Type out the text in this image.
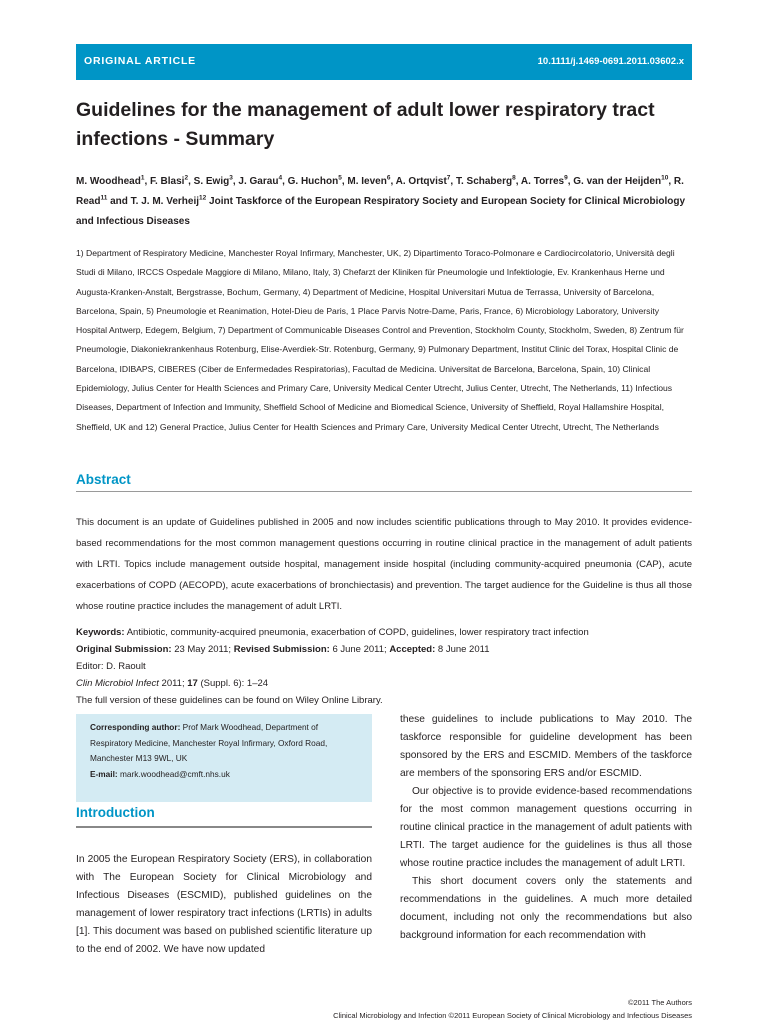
ORIGINAL ARTICLE	10.1111/j.1469-0691.2011.03602.x
Guidelines for the management of adult lower respiratory tract infections - Summary
M. Woodhead$^1$, F. Blasi$^2$, S. Ewig$^3$, J. Garau$^4$, G. Huchon$^5$, M. Ieven$^6$, A. Ortqvist$^7$, T. Schaberg$^8$, A. Torres$^9$, G. van der Heijden$^{10}$, R. Read$^{11}$ and T. J. M. Verheij$^{12}$ Joint Taskforce of the European Respiratory Society and European Society for Clinical Microbiology and Infectious Diseases
1) Department of Respiratory Medicine, Manchester Royal Infirmary, Manchester, UK, 2) Dipartimento Toraco-Polmonare e Cardiocircolatorio, Università degli Studi di Milano, IRCCS Ospedale Maggiore di Milano, Milano, Italy, 3) Chefarzt der Kliniken für Pneumologie und Infektiologie, Ev. Krankenhaus Herne und Augusta-Kranken-Anstalt, Bergstrasse, Bochum, Germany, 4) Department of Medicine, Hospital Universitari Mutua de Terrassa, University of Barcelona, Barcelona, Spain, 5) Pneumologie et Reanimation, Hotel-Dieu de Paris, 1 Place Parvis Notre-Dame, Paris, France, 6) Microbiology Laboratory, University Hospital Antwerp, Edegem, Belgium, 7) Department of Communicable Diseases Control and Prevention, Stockholm County, Stockholm, Sweden, 8) Zentrum für Pneumologie, Diakoniekrankenhaus Rotenburg, Elise-Averdiek-Str. Rotenburg, Germany, 9) Pulmonary Department, Institut Clinic del Torax, Hospital Clinic de Barcelona, IDIBAPS, CIBERES (Ciber de Enfermedades Respiratorias), Facultad de Medicina. Universitat de Barcelona, Barcelona, Spain, 10) Clinical Epidemiology, Julius Center for Health Sciences and Primary Care, University Medical Center Utrecht, Julius Center, Utrecht, The Netherlands, 11) Infectious Diseases, Department of Infection and Immunity, Sheffield School of Medicine and Biomedical Science, University of Sheffield, Royal Hallamshire Hospital, Sheffield, UK and 12) General Practice, Julius Center for Health Sciences and Primary Care, University Medical Center Utrecht, Utrecht, The Netherlands
Abstract
This document is an update of Guidelines published in 2005 and now includes scientific publications through to May 2010. It provides evidence-based recommendations for the most common management questions occurring in routine clinical practice in the management of adult patients with LRTI. Topics include management outside hospital, management inside hospital (including community-acquired pneumonia (CAP), acute exacerbations of COPD (AECOPD), acute exacerbations of bronchiectasis) and prevention. The target audience for the Guideline is thus all those whose routine practice includes the management of adult LRTI.
Keywords: Antibiotic, community-acquired pneumonia, exacerbation of COPD, guidelines, lower respiratory tract infection
Original Submission: 23 May 2011; Revised Submission: 6 June 2011; Accepted: 8 June 2011
Editor: D. Raoult
Clin Microbiol Infect 2011; 17 (Suppl. 6): 1–24
The full version of these guidelines can be found on Wiley Online Library.
Corresponding author: Prof Mark Woodhead, Department of Respiratory Medicine, Manchester Royal Infirmary, Oxford Road, Manchester M13 9WL, UK
E-mail: mark.woodhead@cmft.nhs.uk
Introduction

In 2005 the European Respiratory Society (ERS), in collaboration with The European Society for Clinical Microbiology and Infectious Diseases (ESCMID), published guidelines on the management of lower respiratory tract infections (LRTIs) in adults [1]. This document was based on published scientific literature up to the end of 2002. We have now updated

these guidelines to include publications to May 2010. The taskforce responsible for guideline development has been sponsored by the ERS and ESCMID. Members of the taskforce are members of the sponsoring ERS and/or ESCMID.

Our objective is to provide evidence-based recommendations for the most common management questions occurring in routine clinical practice in the management of adult patients with LRTI. The target audience for the guidelines is thus all those whose routine practice includes the management of adult LRTI.

This short document covers only the statements and recommendations in the guidelines. A much more detailed document, including not only the recommendations but also background information for each recommendation with

©2011 The Authors
Clinical Microbiology and Infection ©2011 European Society of Clinical Microbiology and Infectious Diseases
